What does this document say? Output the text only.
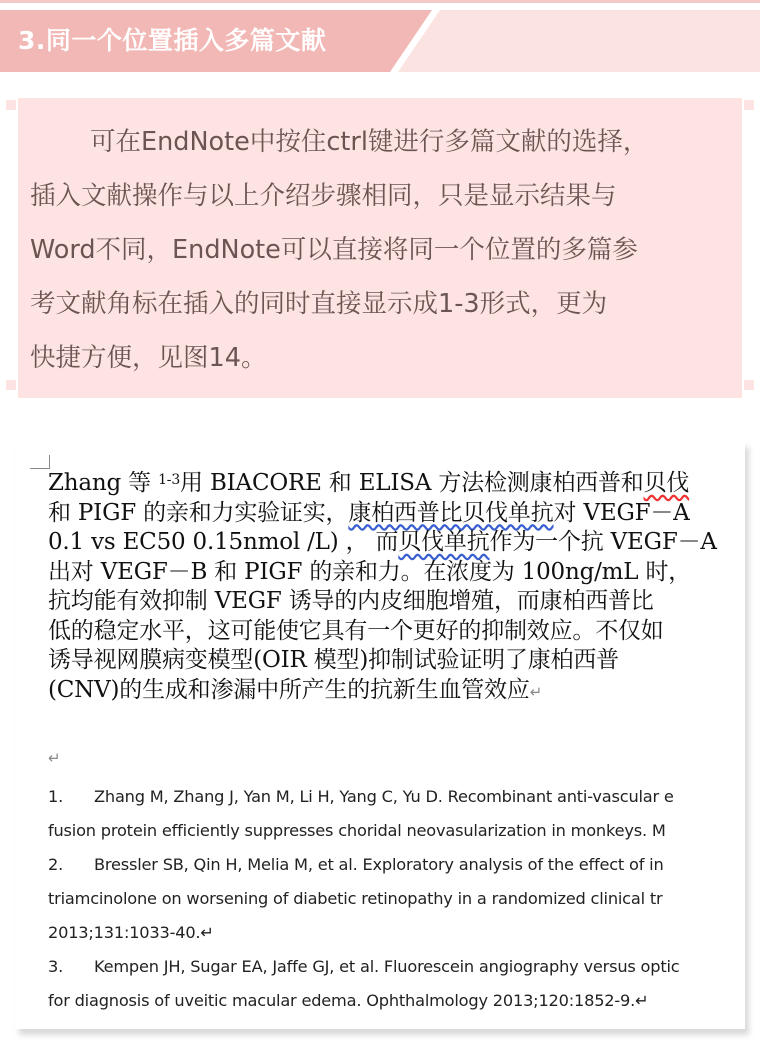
3.同一个位置插入多篇文献
可在EndNote中按住ctrl键进行多篇文献的选择，
插入文献操作与以上介绍步骤相同，只是显示结果与
Word不同，EndNote可以直接将同一个位置的多篇参
考文献角标在插入的同时直接显示成1-3形式，更为
快捷方便，见图14。
Zhang 等 $^{1-3}$用 BIACORE 和 ELISA 方法检测康柏西普和贝伐
和 PIGF 的亲和力实验证实，康柏西普比贝伐单抗对 VEGF－A
0.1 vs EC50 0.15nmol /L) ， 而贝伐单抗作为一个抗 VEGF－A
出对 VEGF－B 和 PIGF 的亲和力。在浓度为 100ng/mL 时，
抗均能有效抑制 VEGF 诱导的内皮细胞增殖，而康柏西普比
低的稳定水平，这可能使它具有一个更好的抑制效应。不仅如
诱导视网膜病变模型(OIR 模型)抑制试验证明了康柏西普
(CNV)的生成和渗漏中所产生的抗新生血管效应↵
↵
1. Zhang M, Zhang J, Yan M, Li H, Yang C, Yu D. Recombinant anti-vascular e
fusion protein efficiently suppresses choridal neovasularization in monkeys. M
2. Bressler SB, Qin H, Melia M, et al. Exploratory analysis of the effect of in
triamcinolone on worsening of diabetic retinopathy in a randomized clinical tr
2013;131:1033-40.↵
3. Kempen JH, Sugar EA, Jaffe GJ, et al. Fluorescein angiography versus optic
for diagnosis of uveitic macular edema. Ophthalmology 2013;120:1852-9.↵
